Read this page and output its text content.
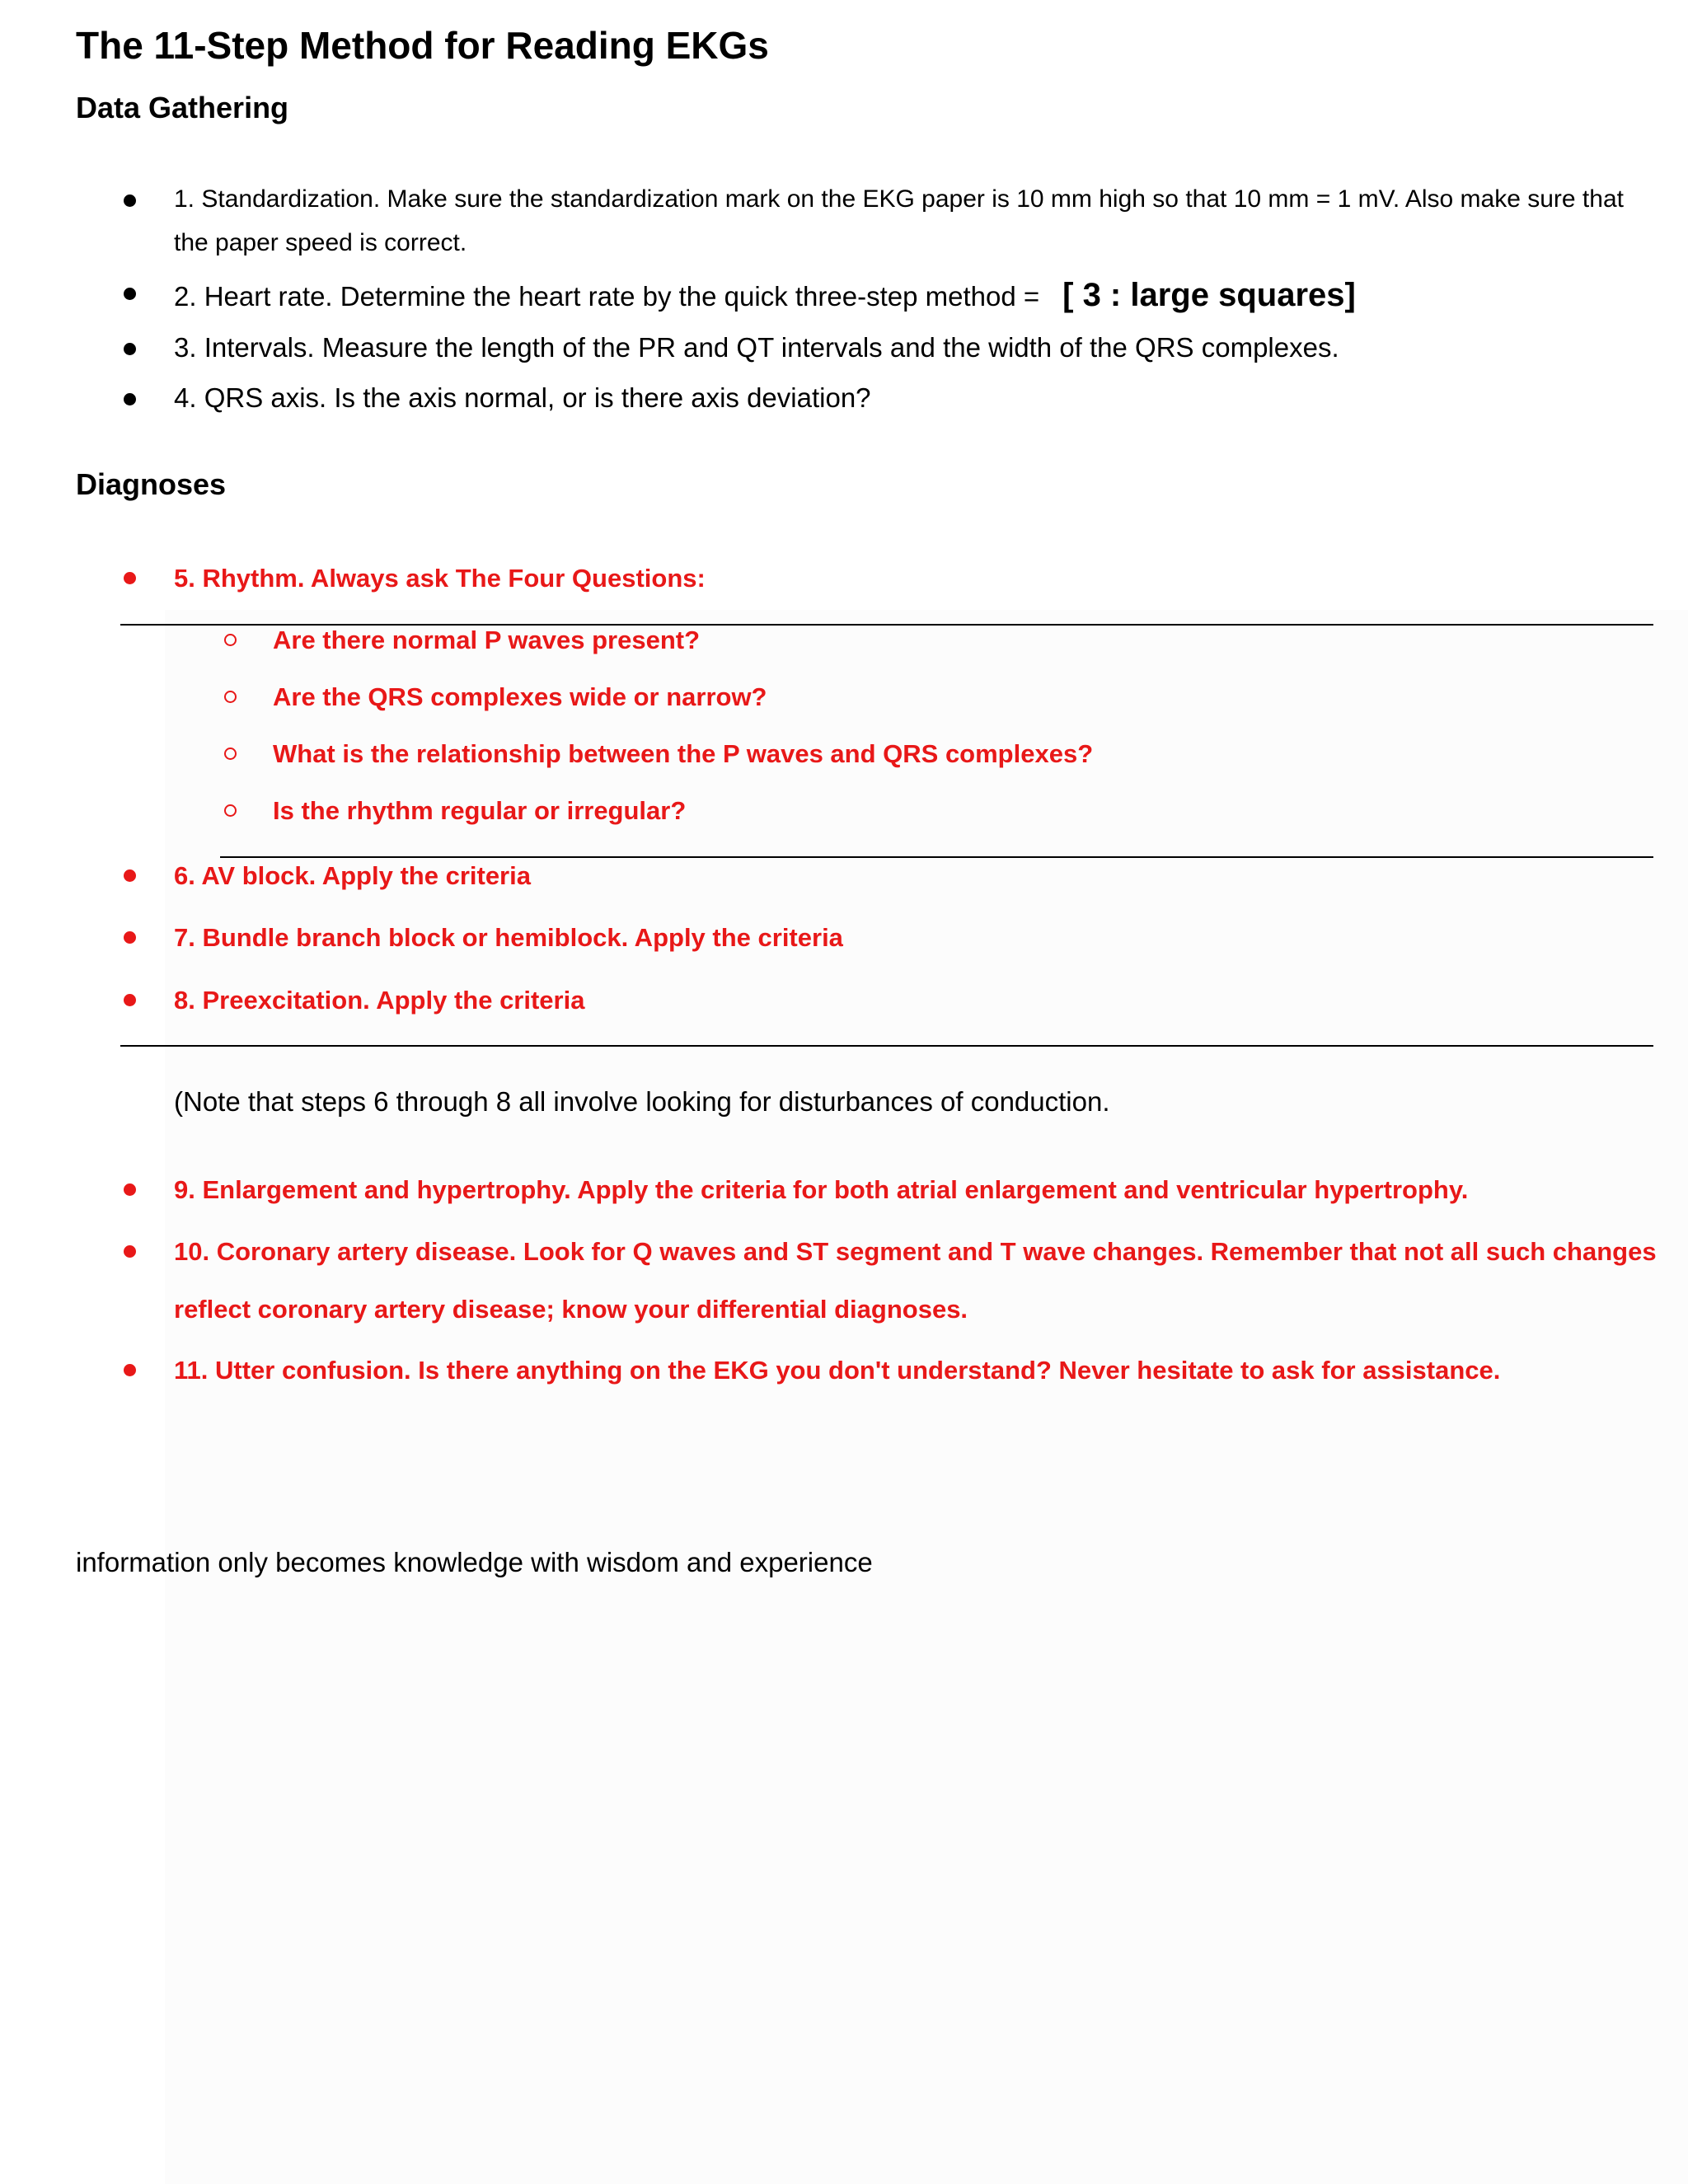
The 11-Step Method for Reading EKGs
Data Gathering
1. Standardization. Make sure the standardization mark on the EKG paper is 10 mm high so that 10 mm = 1 mV. Also make sure that
the paper speed is correct.
2. Heart rate. Determine the heart rate by the quick three-step method = [ 3 : large squares]
3. Intervals. Measure the length of the PR and QT intervals and the width of the QRS complexes.
4. QRS axis. Is the axis normal, or is there axis deviation?
Diagnoses
5. Rhythm. Always ask The Four Questions:
Are there normal P waves present?
Are the QRS complexes wide or narrow?
What is the relationship between the P waves and QRS complexes?
Is the rhythm regular or irregular?
6. AV block. Apply the criteria
7. Bundle branch block or hemiblock. Apply the criteria
8. Preexcitation. Apply the criteria
(Note that steps 6 through 8 all involve looking for disturbances of conduction.
9. Enlargement and hypertrophy. Apply the criteria for both atrial enlargement and ventricular hypertrophy.
10. Coronary artery disease. Look for Q waves and ST segment and T wave changes. Remember that not all such changes
reflect coronary artery disease; know your differential diagnoses.
11. Utter confusion. Is there anything on the EKG you don't understand? Never hesitate to ask for assistance.
information only becomes knowledge with wisdom and experience
